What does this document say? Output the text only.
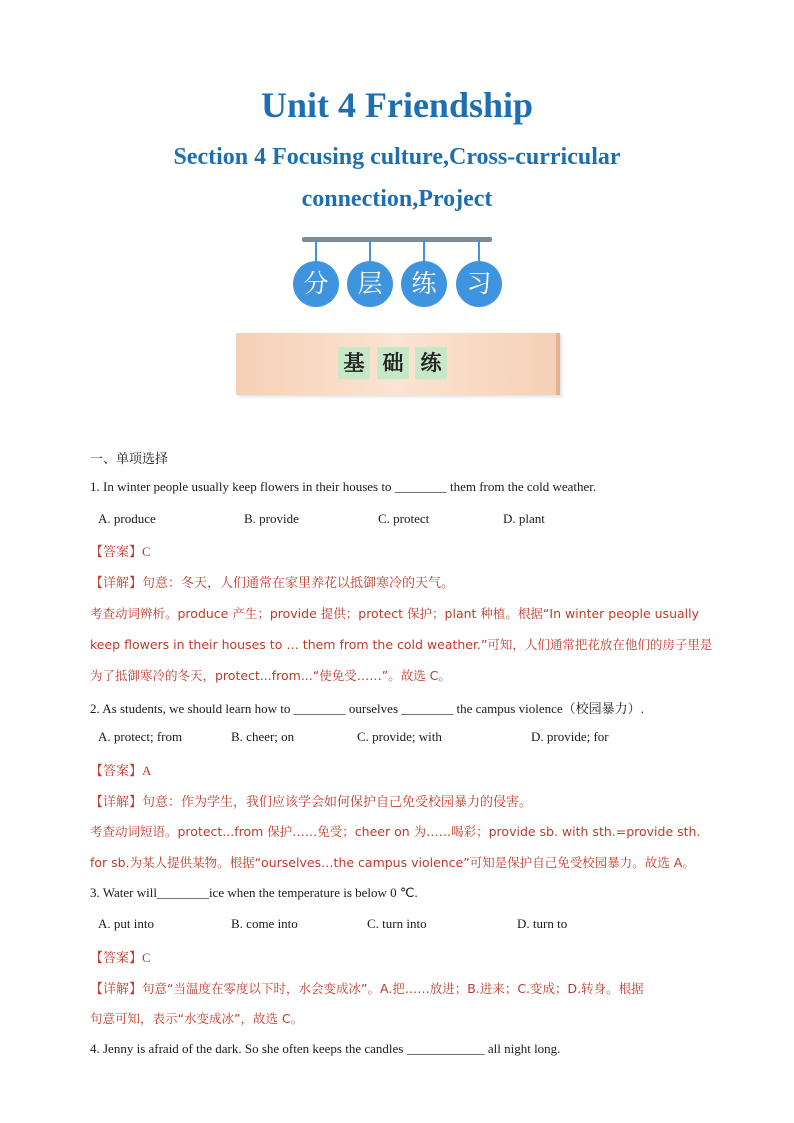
Unit 4 Friendship
Section 4 Focusing culture,Cross-curricular
connection,Project
分	层	练	习
基 础 练
一、单项选择
1. In winter people usually keep flowers in their houses to ________ them from the cold weather.
A. produce	B. provide	C. protect	D. plant
【答案】C
【详解】句意：冬天，人们通常在家里养花以抵御寒冷的天气。
考查动词辨析。produce 产生；provide 提供；protect 保护；plant 种植。根据“In winter people usually
keep flowers in their houses to … them from the cold weather.”可知，人们通常把花放在他们的房子里是
为了抵御寒冷的冬天，protect...from...“使免受……”。故选 C。
2. As students, we should learn how to ________ ourselves ________ the campus violence（校园暴力）.
A. protect; from	B. cheer; on	C. provide; with	D. provide; for
【答案】A
【详解】句意：作为学生，我们应该学会如何保护自己免受校园暴力的侵害。
考查动词短语。protect...from 保护……免受；cheer on 为……喝彩；provide sb. with sth.=provide sth.
for sb.为某人提供某物。根据“ourselves…the campus violence”可知是保护自己免受校园暴力。故选 A。
3. Water will________ice when the temperature is below 0 ℃.
A. put into	B. come into	C. turn into	D. turn to
【答案】C
【详解】句意“当温度在零度以下时，水会变成冰”。A.把……放进；B.进来；C.变成；D.转身。根据
句意可知，表示“水变成冰”，故选 C。
4. Jenny is afraid of the dark. So she often keeps the candles ____________ all night long.
